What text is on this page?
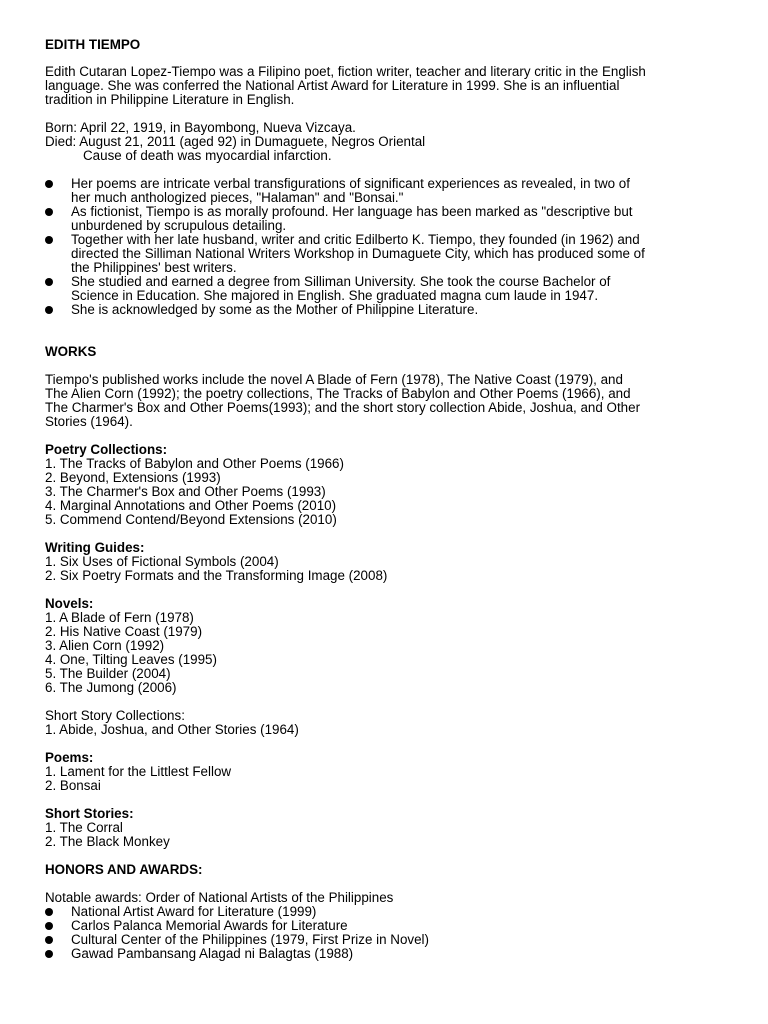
EDITH TIEMPO

Edith Cutaran Lopez-Tiempo was a Filipino poet, fiction writer, teacher and literary critic in the English

language. She was conferred the National Artist Award for Literature in 1999. She is an influential

tradition in Philippine Literature in English.

Born: April 22, 1919, in Bayombong, Nueva Vizcaya.

Died: August 21, 2011 (aged 92) in Dumaguete, Negros Oriental

Cause of death was myocardial infarction.

Her poems are intricate verbal transfigurations of significant experiences as revealed, in two of
her much anthologized pieces, "Halaman" and "Bonsai."

As fictionist, Tiempo is as morally profound. Her language has been marked as "descriptive but
unburdened by scrupulous detailing.

Together with her late husband, writer and critic Edilberto K. Tiempo, they founded (in 1962) and
directed the Silliman National Writers Workshop in Dumaguete City, which has produced some of
the Philippines' best writers.

She studied and earned a degree from Silliman University. She took the course Bachelor of
Science in Education. She majored in English. She graduated magna cum laude in 1947.

She is acknowledged by some as the Mother of Philippine Literature.

WORKS

Tiempo's published works include the novel A Blade of Fern (1978), The Native Coast (1979), and

The Alien Corn (1992); the poetry collections, The Tracks of Babylon and Other Poems (1966), and

The Charmer's Box and Other Poems(1993); and the short story collection Abide, Joshua, and Other

Stories (1964).

Poetry Collections:

1. The Tracks of Babylon and Other Poems (1966)

2. Beyond, Extensions (1993)

3. The Charmer's Box and Other Poems (1993)

4. Marginal Annotations and Other Poems (2010)

5. Commend Contend/Beyond Extensions (2010)

Writing Guides:

1. Six Uses of Fictional Symbols (2004)

2. Six Poetry Formats and the Transforming Image (2008)

Novels:

1. A Blade of Fern (1978)

2. His Native Coast (1979)

3. Alien Corn (1992)

4. One, Tilting Leaves (1995)

5. The Builder (2004)

6. The Jumong (2006)

Short Story Collections:

1. Abide, Joshua, and Other Stories (1964)

Poems:

1. Lament for the Littlest Fellow

2. Bonsai

Short Stories:

1. The Corral

2. The Black Monkey

HONORS AND AWARDS:

Notable awards: Order of National Artists of the Philippines

National Artist Award for Literature (1999)

Carlos Palanca Memorial Awards for Literature

Cultural Center of the Philippines (1979, First Prize in Novel)

Gawad Pambansang Alagad ni Balagtas (1988)
